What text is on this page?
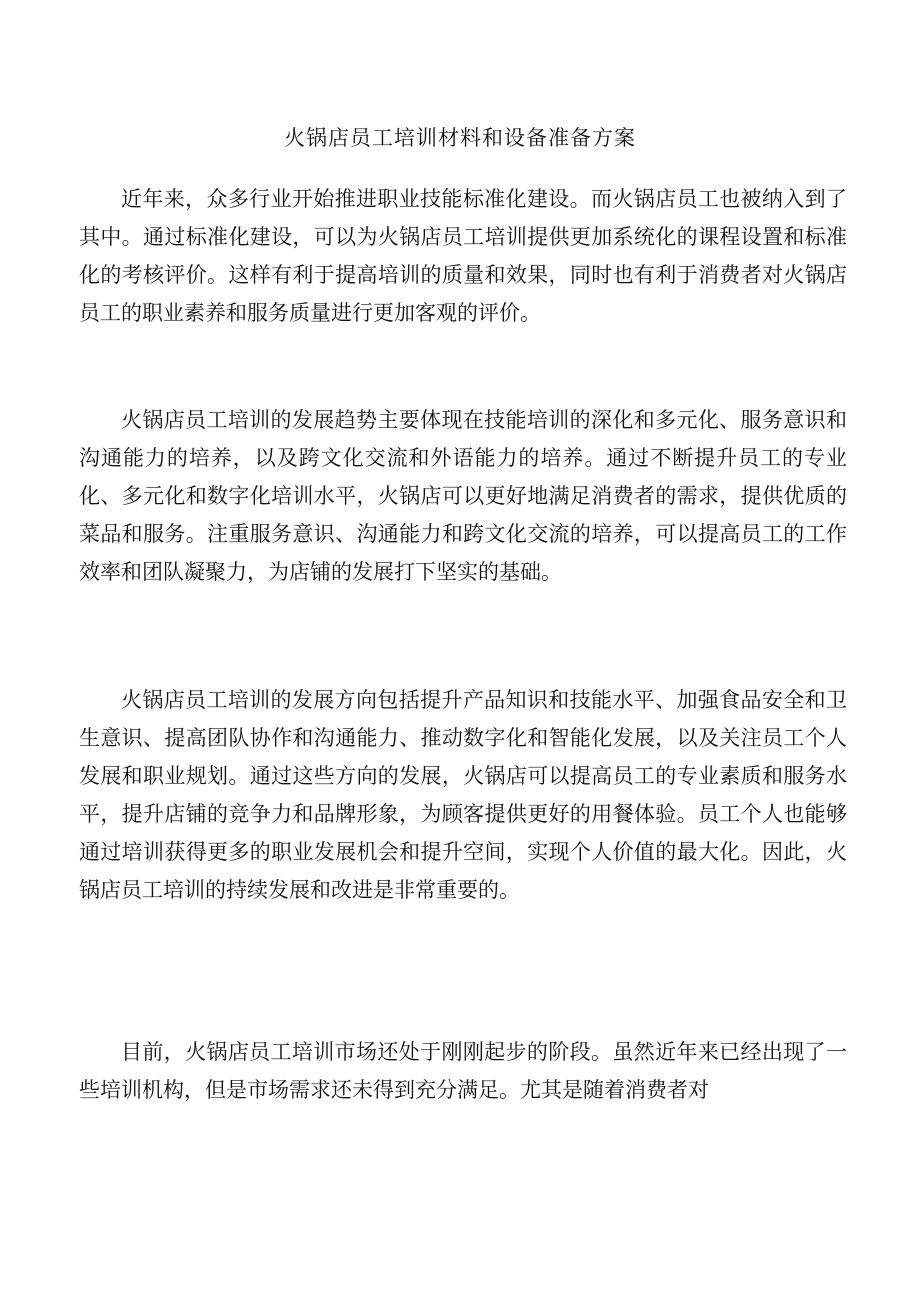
火锅店员工培训材料和设备准备方案

近年来，众多行业开始推进职业技能标准化建设。而火锅店员工也被纳入到了其中。通过标准化建设，可以为火锅店员工培训提供更加系统化的课程设置和标准化的考核评价。这样有利于提高培训的质量和效果，同时也有利于消费者对火锅店员工的职业素养和服务质量进行更加客观的评价。

火锅店员工培训的发展趋势主要体现在技能培训的深化和多元化、服务意识和沟通能力的培养，以及跨文化交流和外语能力的培养。通过不断提升员工的专业化、多元化和数字化培训水平，火锅店可以更好地满足消费者的需求，提供优质的菜品和服务。注重服务意识、沟通能力和跨文化交流的培养，可以提高员工的工作效率和团队凝聚力，为店铺的发展打下坚实的基础。

火锅店员工培训的发展方向包括提升产品知识和技能水平、加强食品安全和卫生意识、提高团队协作和沟通能力、推动数字化和智能化发展，以及关注员工个人发展和职业规划。通过这些方向的发展，火锅店可以提高员工的专业素质和服务水平，提升店铺的竞争力和品牌形象，为顾客提供更好的用餐体验。员工个人也能够通过培训获得更多的职业发展机会和提升空间，实现个人价值的最大化。因此，火锅店员工培训的持续发展和改进是非常重要的。

目前，火锅店员工培训市场还处于刚刚起步的阶段。虽然近年来已经出现了一些培训机构，但是市场需求还未得到充分满足。尤其是随着消费者对
